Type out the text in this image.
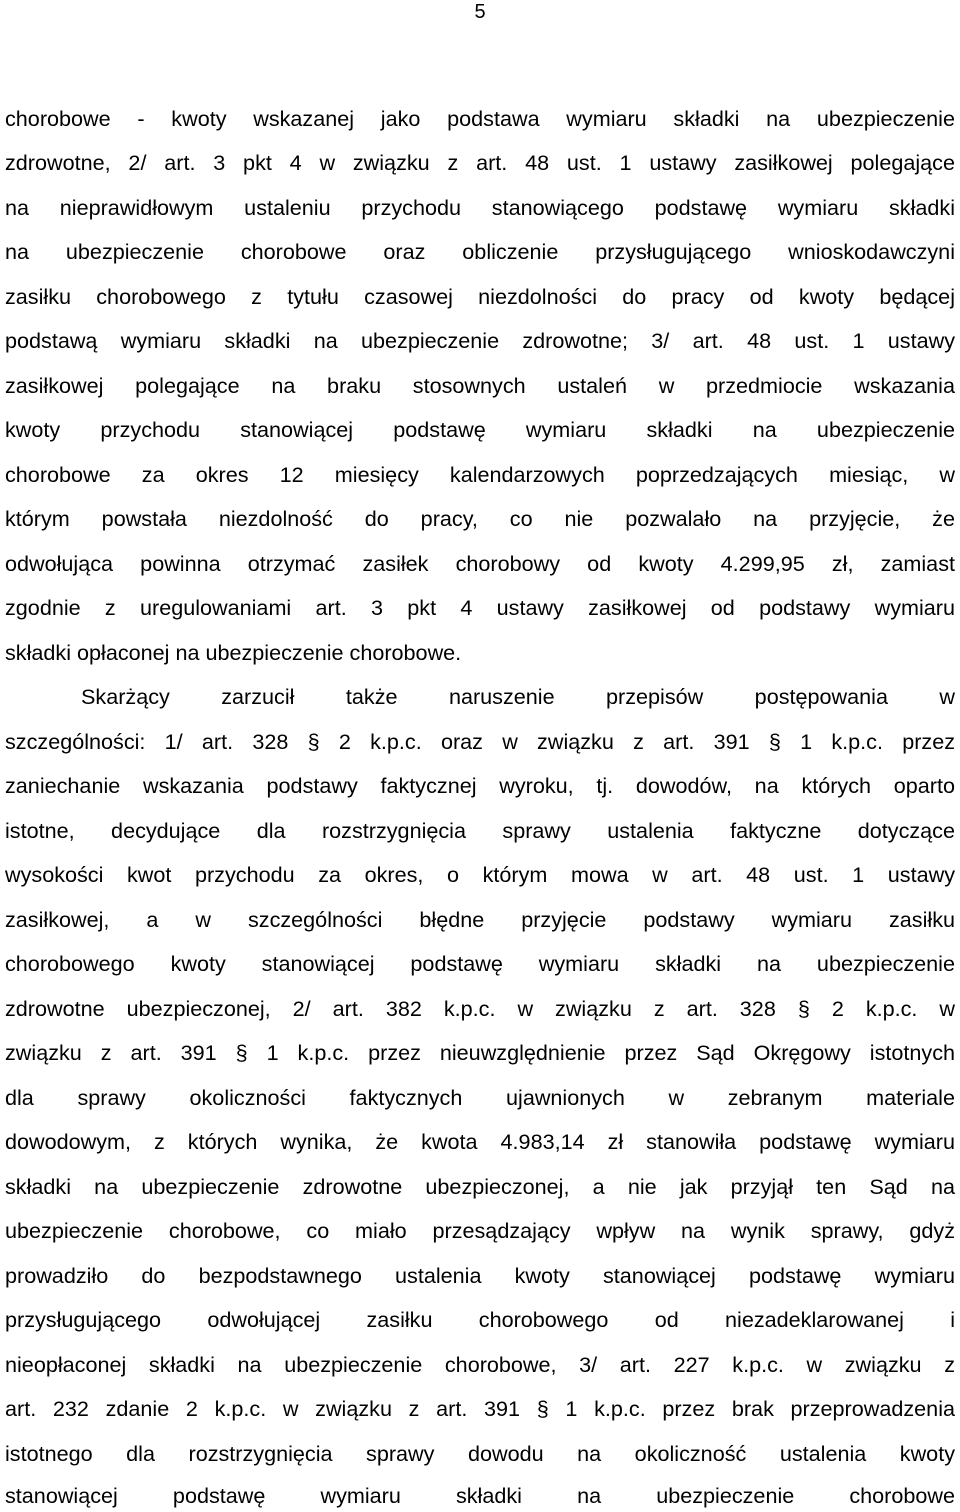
5
chorobowe - kwoty wskazanej jako podstawa wymiaru składki na ubezpieczenie
zdrowotne, 2/ art. 3 pkt 4 w związku z art. 48 ust. 1 ustawy zasiłkowej polegające
na nieprawidłowym ustaleniu przychodu stanowiącego podstawę wymiaru składki
na ubezpieczenie chorobowe oraz obliczenie przysługującego wnioskodawczyni
zasiłku chorobowego z tytułu czasowej niezdolności do pracy od kwoty będącej
podstawą wymiaru składki na ubezpieczenie zdrowotne; 3/ art. 48 ust. 1 ustawy
zasiłkowej polegające na braku stosownych ustaleń w przedmiocie wskazania
kwoty przychodu stanowiącej podstawę wymiaru składki na ubezpieczenie
chorobowe za okres 12 miesięcy kalendarzowych poprzedzających miesiąc, w
którym powstała niezdolność do pracy, co nie pozwalało na przyjęcie, że
odwołująca powinna otrzymać zasiłek chorobowy od kwoty 4.299,95 zł, zamiast
zgodnie z uregulowaniami art. 3 pkt 4 ustawy zasiłkowej od podstawy wymiaru
składki opłaconej na ubezpieczenie chorobowe.
Skarżący zarzucił także naruszenie przepisów postępowania w
szczególności: 1/ art. 328 § 2 k.p.c. oraz w związku z art. 391 § 1 k.p.c. przez
zaniechanie wskazania podstawy faktycznej wyroku, tj. dowodów, na których oparto
istotne, decydujące dla rozstrzygnięcia sprawy ustalenia faktyczne dotyczące
wysokości kwot przychodu za okres, o którym mowa w art. 48 ust. 1 ustawy
zasiłkowej, a w szczególności błędne przyjęcie podstawy wymiaru zasiłku
chorobowego kwoty stanowiącej podstawę wymiaru składki na ubezpieczenie
zdrowotne ubezpieczonej, 2/ art. 382 k.p.c. w związku z art. 328 § 2 k.p.c. w
związku z art. 391 § 1 k.p.c. przez nieuwzględnienie przez Sąd Okręgowy istotnych
dla sprawy okoliczności faktycznych ujawnionych w zebranym materiale
dowodowym, z których wynika, że kwota 4.983,14 zł stanowiła podstawę wymiaru
składki na ubezpieczenie zdrowotne ubezpieczonej, a nie jak przyjął ten Sąd na
ubezpieczenie chorobowe, co miało przesądzający wpływ na wynik sprawy, gdyż
prowadziło do bezpodstawnego ustalenia kwoty stanowiącej podstawę wymiaru
przysługującego odwołującej zasiłku chorobowego od niezadeklarowanej i
nieopłaconej składki na ubezpieczenie chorobowe, 3/ art. 227 k.p.c. w związku z
art. 232 zdanie 2 k.p.c. w związku z art. 391 § 1 k.p.c. przez brak przeprowadzenia
istotnego dla rozstrzygnięcia sprawy dowodu na okoliczność ustalenia kwoty
stanowiącej podstawę wymiaru składki na ubezpieczenie chorobowe
